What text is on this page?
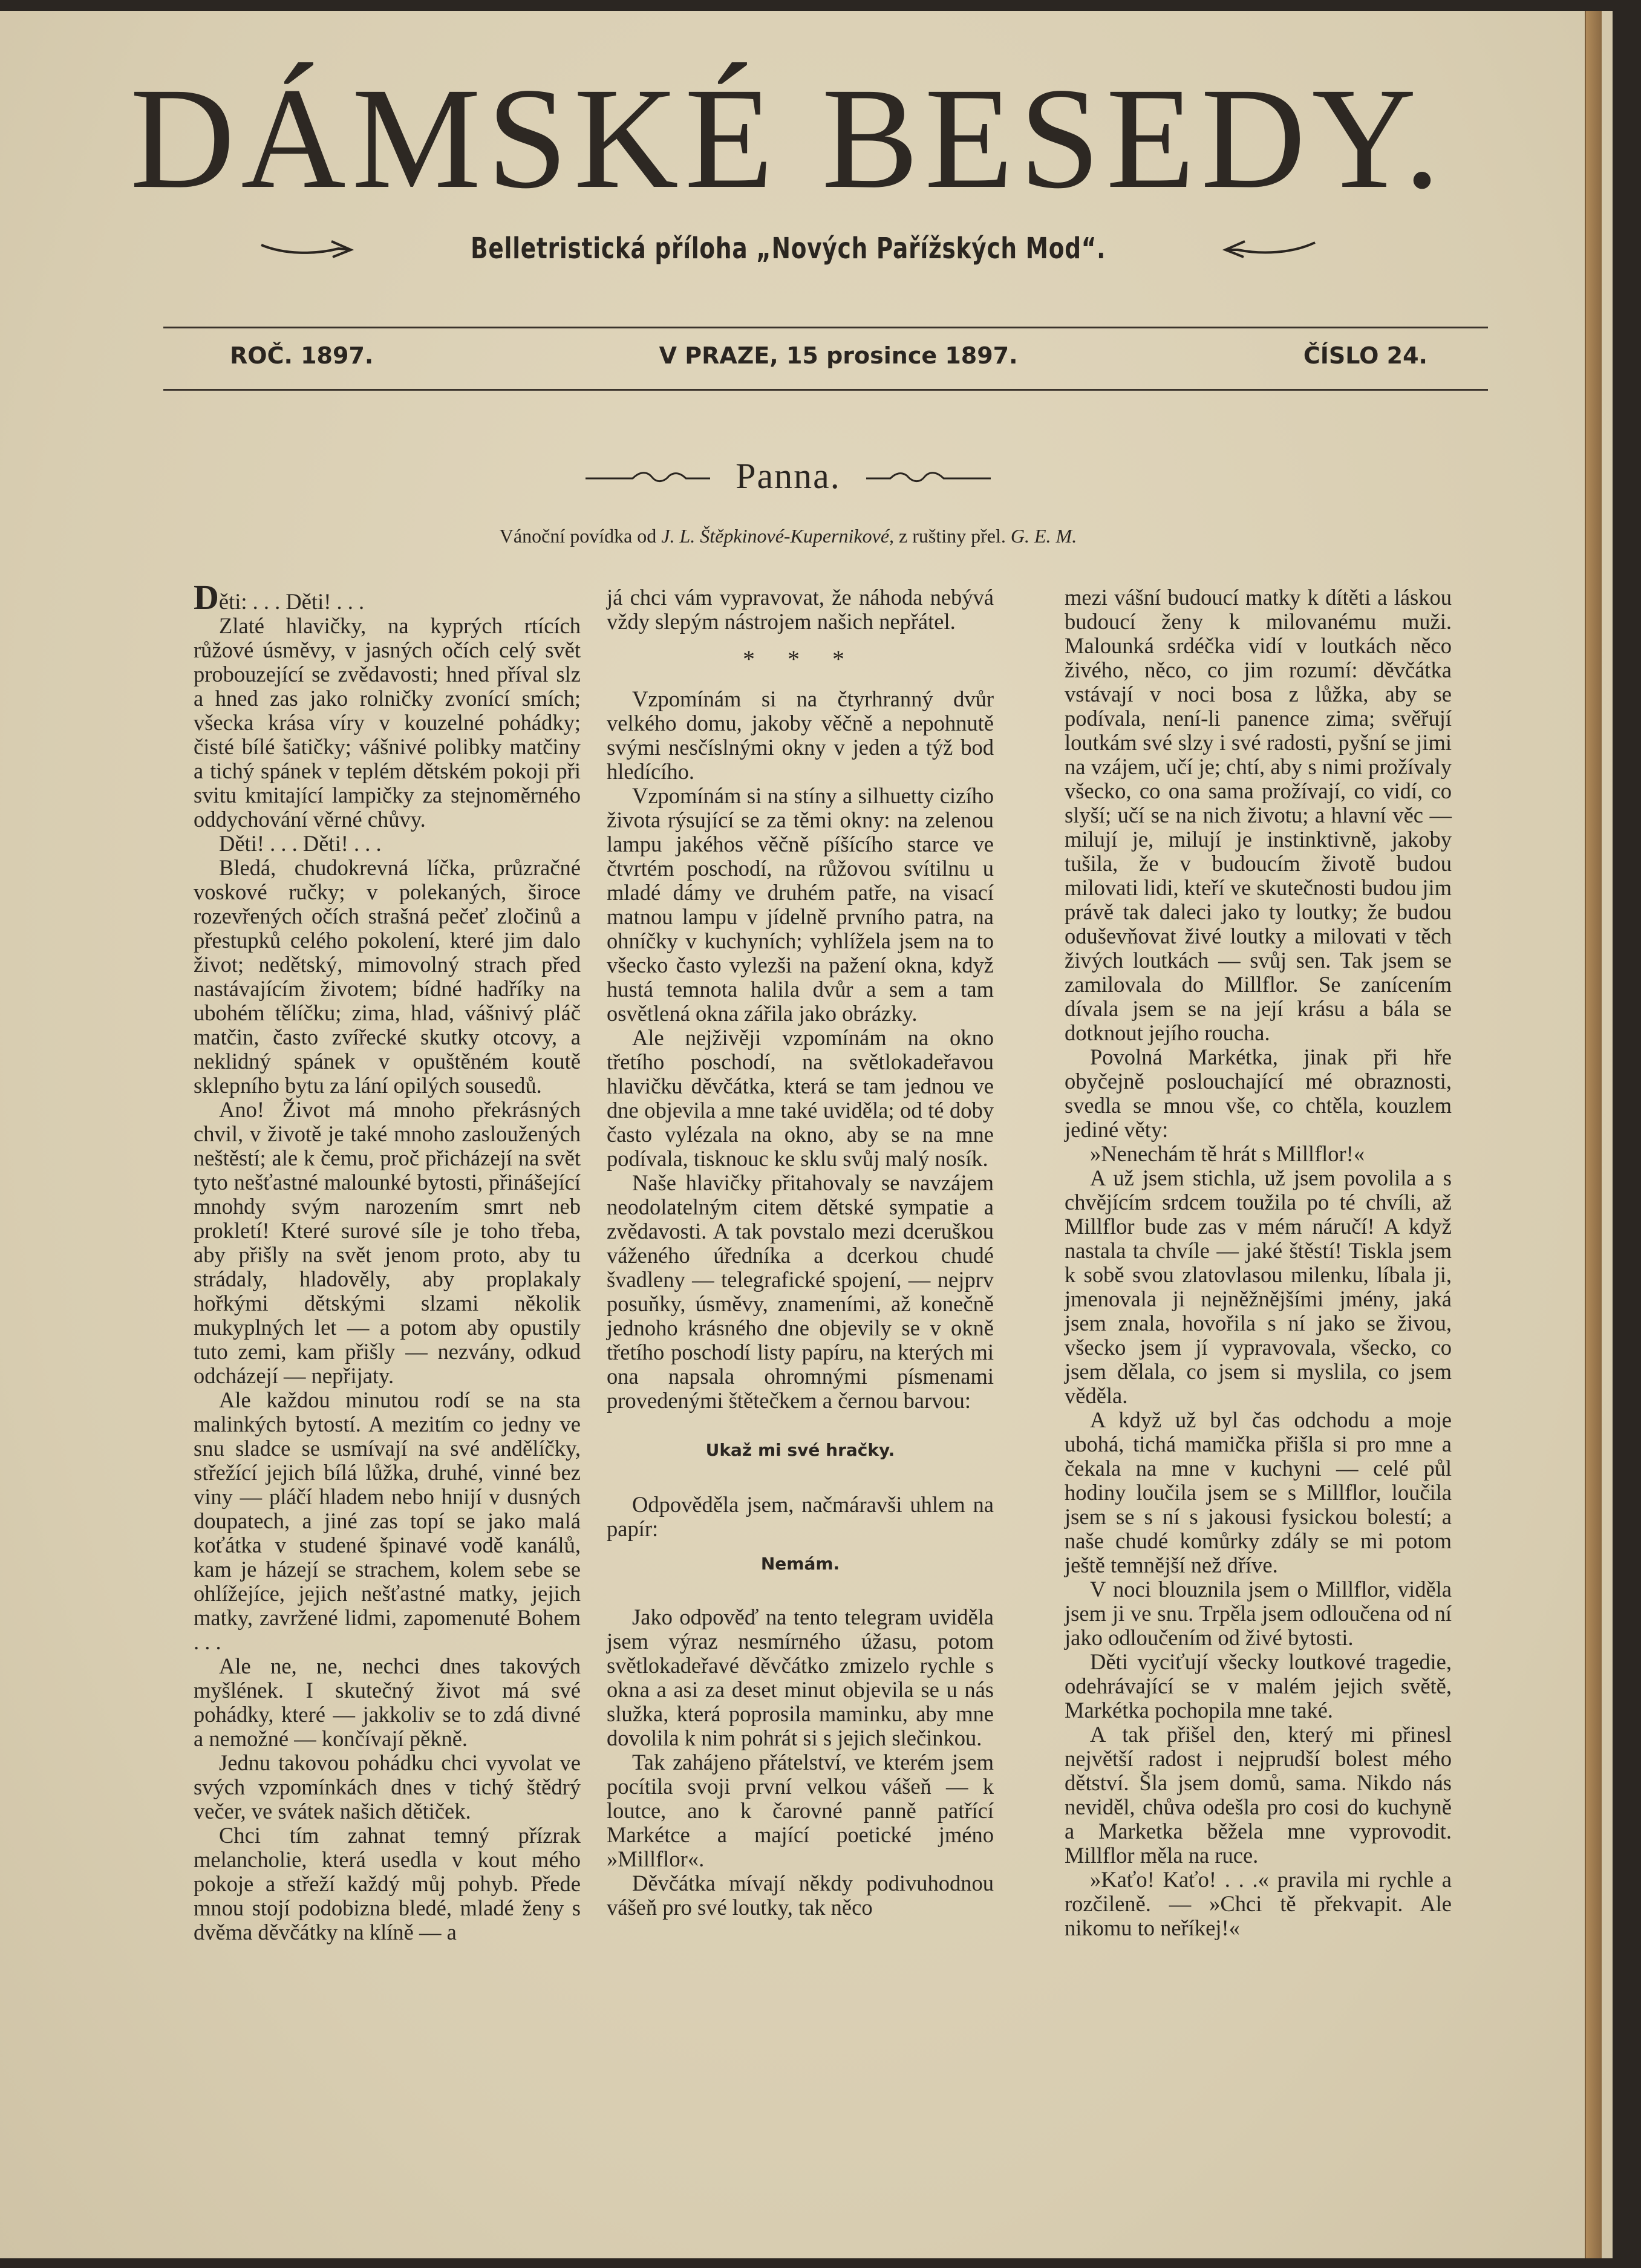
DÁMSKÉ BESEDY.
Belletristická příloha „Nových Pařížských Mod“.
ROČ. 1897.	V PRAZE, 15 prosince 1897.	ČÍSLO 24.
Panna.
Vánoční povídka od J. L. Štěpkinové-Kupernikové, z ruštiny přel. G. E. M.

Děti: . . . Děti! . . .

Zlaté hlavičky, na kyprých rtících růžové úsměvy, v jasných očích celý svět probouzející se zvědavosti; hned příval slz a hned zas jako rolničky zvonící smích; všecka krása víry v kouzelné pohádky; čisté bílé šatičky; vášnivé polibky matčiny a tichý spánek v teplém dětském pokoji při svitu kmitající lampičky za stejnoměrného oddychování věrné chůvy.

Děti! . . . Děti! . . .

Bledá, chudokrevná líčka, průzračné voskové ručky; v polekaných, široce rozevřených očích strašná pečeť zločinů a přestupků celého pokolení, které jim dalo život; nedětský, mimovolný strach před nastávajícím životem; bídné hadříky na ubohém tělíčku; zima, hlad, vášnivý pláč matčin, často zvířecké skutky otcovy, a neklidný spánek v opuštěném koutě sklepního bytu za lání opilých sousedů.

Ano! Život má mnoho překrásných chvil, v životě je také mnoho zasloužených neštěstí; ale k čemu, proč přicházejí na svět tyto nešťastné malounké bytosti, přinášející mnohdy svým narozením smrt neb prokletí! Které surové síle je toho třeba, aby přišly na svět jenom proto, aby tu strádaly, hladověly, aby proplakaly hořkými dětskými slzami několik mukyplných let — a potom aby opustily tuto zemi, kam přišly — nezvány, odkud odcházejí — nepřijaty.

Ale každou minutou rodí se na sta malinkých bytostí. A mezitím co jedny ve snu sladce se usmívají na své andělíčky, střežící jejich bílá lůžka, druhé, vinné bez viny — pláčí hladem nebo hnijí v dusných doupatech, a jiné zas topí se jako malá koťátka v studené špinavé vodě kanálů, kam je házejí se strachem, kolem sebe se ohlížejíce, jejich nešťastné matky, jejich matky, zavržené lidmi, zapomenuté Bohem . . .

Ale ne, ne, nechci dnes takových myšlének. I skutečný život má své pohádky, které — jakkoliv se to zdá divné a nemožné — končívají pěkně.

Jednu takovou pohádku chci vyvolat ve svých vzpomínkách dnes v tichý štědrý večer, ve svátek našich dětiček.

Chci tím zahnat temný přízrak melancholie, která usedla v kout mého pokoje a střeží každý můj pohyb. Přede mnou stojí podobizna bledé, mladé ženy s dvěma děvčátky na klíně — a

já chci vám vypravovat, že náhoda nebývá vždy slepým nástrojem našich nepřátel.

* * *

Vzpomínám si na čtyrhranný dvůr velkého domu, jakoby věčně a nepohnutě svými nesčíslnými okny v jeden a týž bod hledícího.

Vzpomínám si na stíny a silhuetty cizího života rýsující se za těmi okny: na zelenou lampu jakéhos věčně píšícího starce ve čtvrtém poschodí, na růžovou svítilnu u mladé dámy ve druhém patře, na visací matnou lampu v jídelně prvního patra, na ohníčky v kuchyních; vyhlížela jsem na to všecko často vylezši na pažení okna, když hustá temnota halila dvůr a sem a tam osvětlená okna zářila jako obrázky.

Ale nejživěji vzpomínám na okno třetího poschodí, na světlokadeřavou hlavičku děvčátka, která se tam jednou ve dne objevila a mne také uviděla; od té doby často vylézala na okno, aby se na mne podívala, tisknouc ke sklu svůj malý nosík.

Naše hlavičky přitahovaly se navzájem neodolatelným citem dětské sympatie a zvědavosti. A tak povstalo mezi dceruškou váženého úředníka a dcerkou chudé švadleny — telegrafické spojení, — nejprv posuňky, úsměvy, znameními, až konečně jednoho krásného dne objevily se v okně třetího poschodí listy papíru, na kterých mi ona napsala ohromnými písmenami provedenými štětečkem a černou barvou:

Ukaž mi své hračky.

Odpověděla jsem, načmáravši uhlem na papír:

Nemám.

Jako odpověď na tento telegram uviděla jsem výraz nesmírného úžasu, potom světlokadeřavé děvčátko zmizelo rychle s okna a asi za deset minut objevila se u nás služka, která poprosila maminku, aby mne dovolila k nim pohrát si s jejich slečinkou.

Tak zahájeno přátelství, ve kterém jsem pocítila svoji první velkou vášeň — k loutce, ano k čarovné panně patřící Markétce a mající poetické jméno »Millflor«.

Děvčátka mívají někdy podivuhodnou vášeň pro své loutky, tak něco

mezi vášní budoucí matky k dítěti a láskou budoucí ženy k milovanému muži. Malounká srdéčka vidí v loutkách něco živého, něco, co jim rozumí: děvčátka vstávají v noci bosa z lůžka, aby se podívala, není-li panence zima; svěřují loutkám své slzy i své radosti, pyšní se jimi na vzájem, učí je; chtí, aby s nimi prožívaly všecko, co ona sama prožívají, co vidí, co slyší; učí se na nich životu; a hlavní věc — milují je, milují je instinktivně, jakoby tušila, že v budoucím životě budou milovati lidi, kteří ve skutečnosti budou jim právě tak daleci jako ty loutky; že budou oduševňovat živé loutky a milovati v těch živých loutkách — svůj sen. Tak jsem se zamilovala do Millflor. Se zanícením dívala jsem se na její krásu a bála se dotknout jejího roucha.

Povolná Markétka, jinak při hře obyčejně poslouchající mé obraznosti, svedla se mnou vše, co chtěla, kouzlem jediné věty:

»Nenechám tě hrát s Millflor!«

A už jsem stichla, už jsem povolila a s chvějícím srdcem toužila po té chvíli, až Millflor bude zas v mém náručí! A když nastala ta chvíle — jaké štěstí! Tiskla jsem k sobě svou zlatovlasou milenku, líbala ji, jmenovala ji nejněžnějšími jmény, jaká jsem znala, hovořila s ní jako se živou, všecko jsem jí vypravovala, všecko, co jsem dělala, co jsem si myslila, co jsem věděla.

A když už byl čas odchodu a moje ubohá, tichá mamička přišla si pro mne a čekala na mne v kuchyni — celé půl hodiny loučila jsem se s Millflor, loučila jsem se s ní s jakousi fysickou bolestí; a naše chudé komůrky zdály se mi potom ještě temnější než dříve.

V noci blouznila jsem o Millflor, viděla jsem ji ve snu. Trpěla jsem odloučena od ní jako odloučením od živé bytosti.

Děti vyciťují všecky loutkové tragedie, odehrávající se v malém jejich světě, Markétka pochopila mne také.

A tak přišel den, který mi přinesl největší radost i nejprudší bolest mého dětství. Šla jsem domů, sama. Nikdo nás neviděl, chůva odešla pro cosi do kuchyně a Marketka běžela mne vyprovodit. Millflor měla na ruce.

»Kaťo! Kaťo! . . .« pravila mi rychle a rozčileně. — »Chci tě překvapit. Ale nikomu to neříkej!«
